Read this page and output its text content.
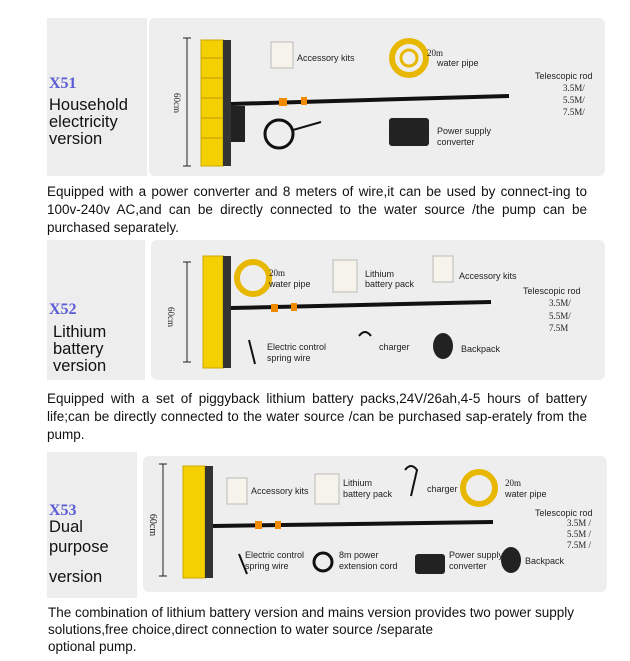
60cm
Accessory kits	20m
water pipe
Power supply
converter
Telescopic rod
3.5M/
5.5M/
7.5M/
X51
Household
electricity
version
Equipped with a power converter and 8 meters of wire,it can be used by connect-ing to 100v-240v AC,and can be directly connected to the water source /the pump can be purchased separately.
60cm
20m
water pipe
Lithium
battery pack
Accessory kits
Telescopic rod
3.5M/
5.5M/
7.5M
Electric control
spring wire
charger	Backpack
X52
Lithium
battery
version
Equipped with a set of piggyback lithium battery packs,24V/26ah,4-5 hours of battery life;can be directly connected to the water source /can be purchased sap-erately from the pump.
60cm
Accessory kits
Lithium
battery pack	charger
20m
water pipe
Telescopic rod
3.5M /
5.5M /
7.5M /
Electric control
spring wire
8m power
extension cord
Power supply
converter	Backpack
X53
Dual
purpose
version
The combination of lithium battery version and mains version provides two power supply
solutions,free choice,direct connection to water source /separate
optional pump.
